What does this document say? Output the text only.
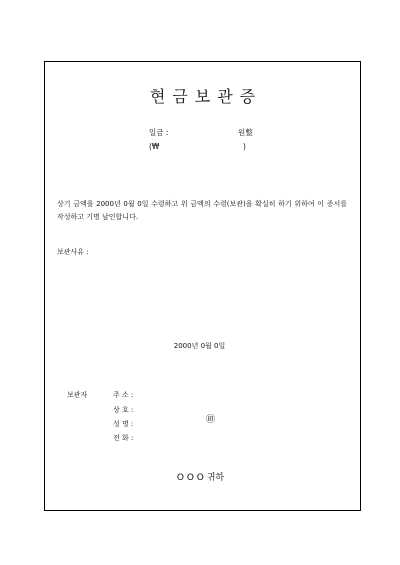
현금보관증
일금 :	원整
(₩	)
상기 금액을 2000년 0월 0일 수령하고 위 금액의 수령(보관)을 확실히 하기 위하여 이 증서를 작성하고 기명 날인합니다.
보관사유 :
2000년 0월 0일
보관자	주 소 :
상 호 :
성 명 :
전 화 :
㊞
O O O 귀하
